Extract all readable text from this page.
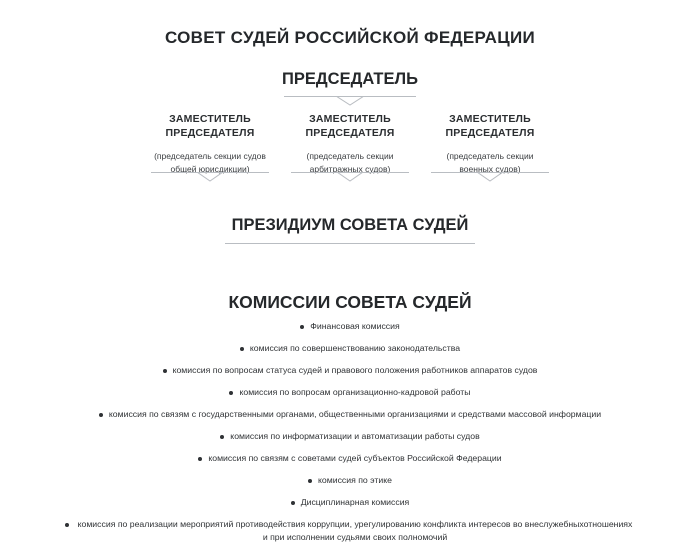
СОВЕТ СУДЕЙ РОССИЙСКОЙ ФЕДЕРАЦИИ
ПРЕДСЕДАТЕЛЬ
ЗАМЕСТИТЕЛЬ ПРЕДСЕДАТЕЛЯ
(председатель секции судов общей юрисдикции)
ЗАМЕСТИТЕЛЬ ПРЕДСЕДАТЕЛЯ
(председатель секции арбитражных судов)
ЗАМЕСТИТЕЛЬ ПРЕДСЕДАТЕЛЯ
(председатель секции военных судов)
ПРЕЗИДИУМ СОВЕТА СУДЕЙ
КОМИССИИ СОВЕТА СУДЕЙ
Финансовая комиссия
комиссия по совершенствованию законодательства
комиссия по вопросам статуса судей и правового положения работников аппаратов судов
комиссия по вопросам организационно-кадровой работы
комиссия по связям с государственными органами, общественными организациями и средствами массовой информации
комиссия по информатизации и автоматизации работы судов
комиссия по связям с советами судей субъектов Российской Федерации
комиссия по этике
Дисциплинарная комиссия
комиссия по реализации мероприятий противодействия коррупции, урегулированию конфликта интересов во внеслужебныхотношениях и при исполнении судьями своих полномочий
